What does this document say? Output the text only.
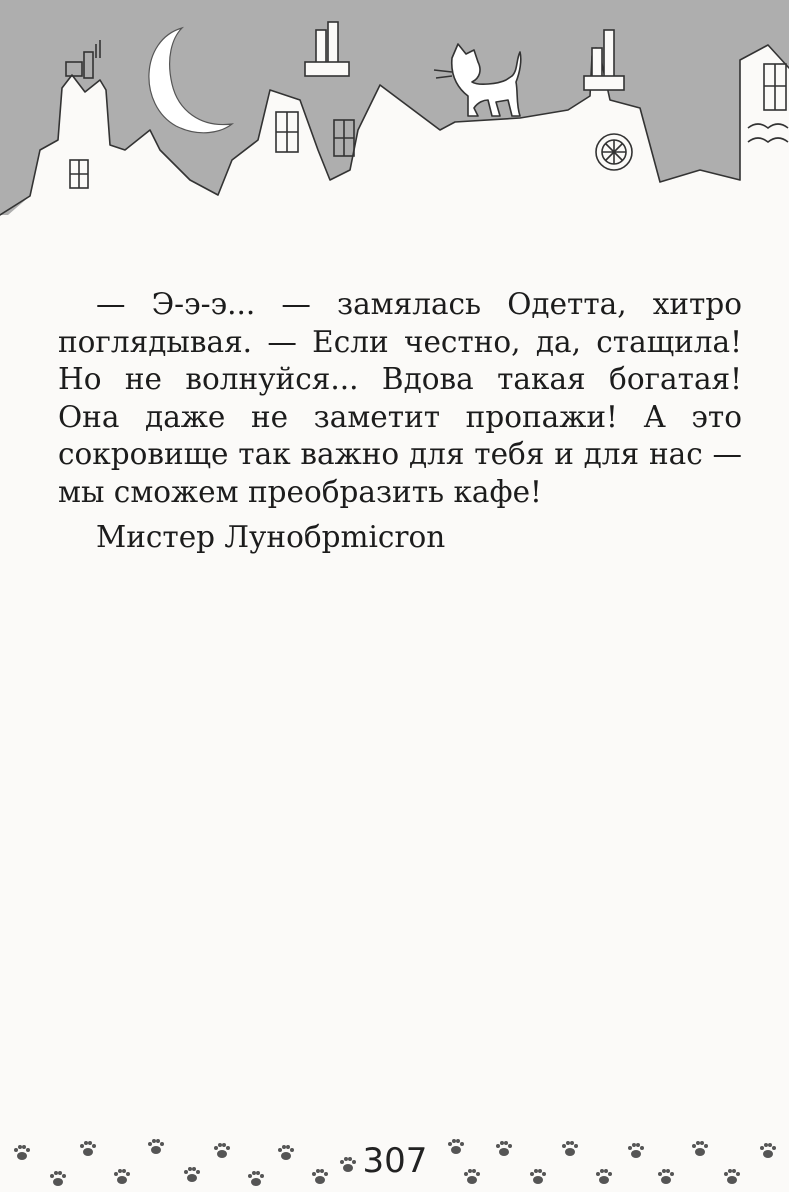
— Э-э-э... — замялась Одетта, хитро поглядывая. — Если честно, да, стащила! Но не волнуйся... Вдова такая богатая! Она даже не заметит пропажи! А это сокровище так важно для тебя и для нас — мы сможем преобразить кафе!

Мистер Лунобрmicron

307
